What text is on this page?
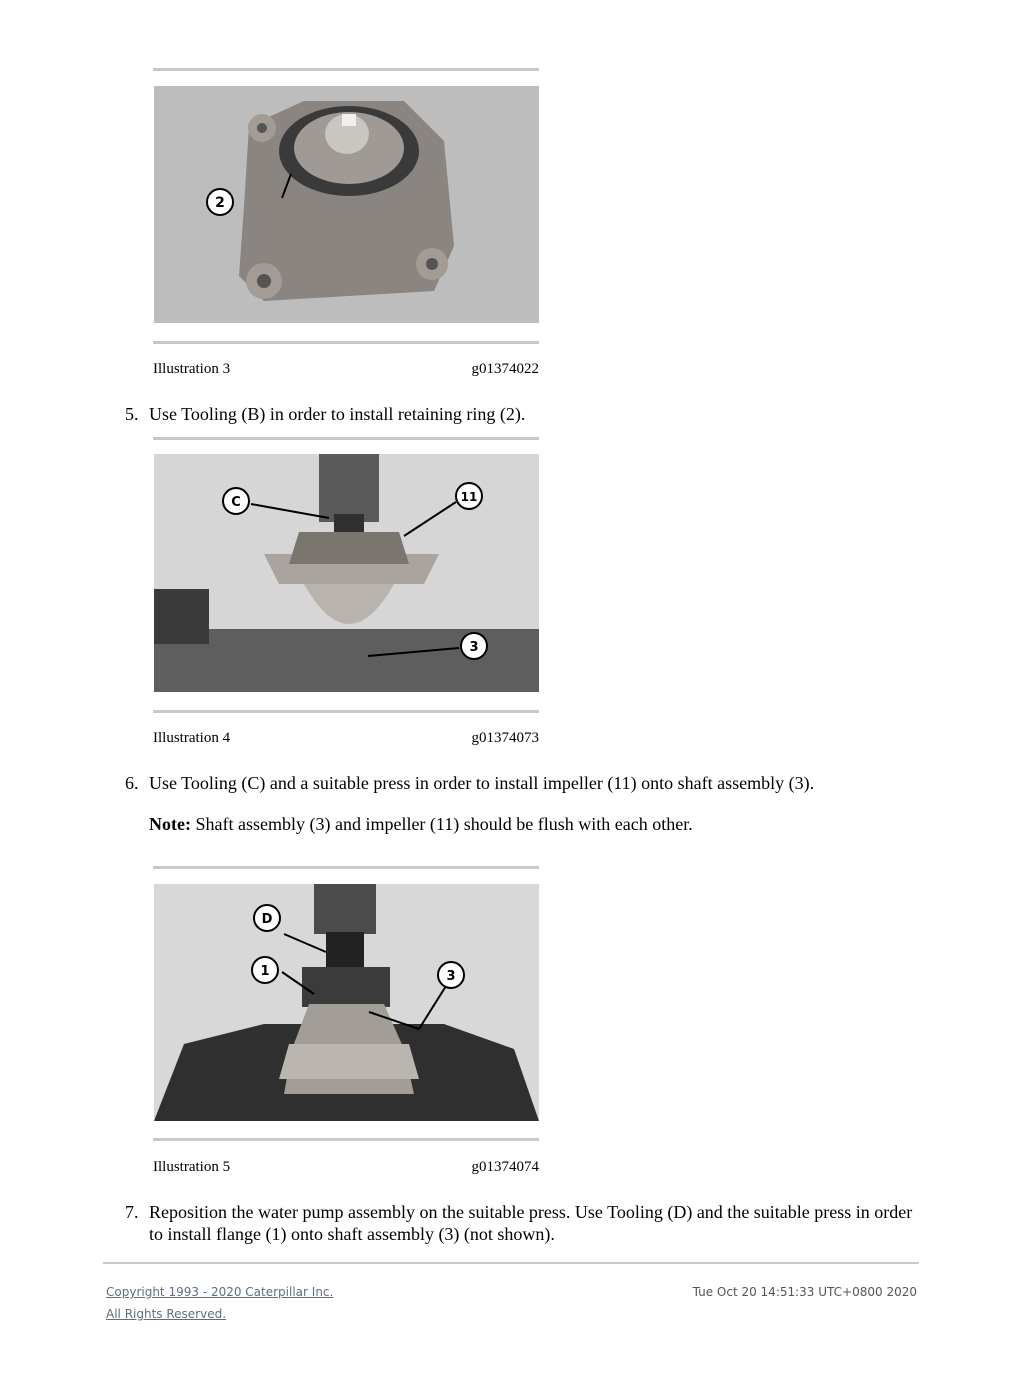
2
Illustration 3	g01374022
5. Use Tooling (B) in order to install retaining ring (2).
C	11
3
Illustration 4	g01374073
6. Use Tooling (C) and a suitable press in order to install impeller (11) onto shaft assembly (3).
Note: Shaft assembly (3) and impeller (11) should be flush with each other.
D
1	3
Illustration 5	g01374074
7. Reposition the water pump assembly on the suitable press. Use Tooling (D) and the suitable press in order to install flange (1) onto shaft assembly (3) (not shown).
Copyright 1993 - 2020 Caterpillar Inc.
All Rights Reserved.
Tue Oct 20 14:51:33 UTC+0800 2020
